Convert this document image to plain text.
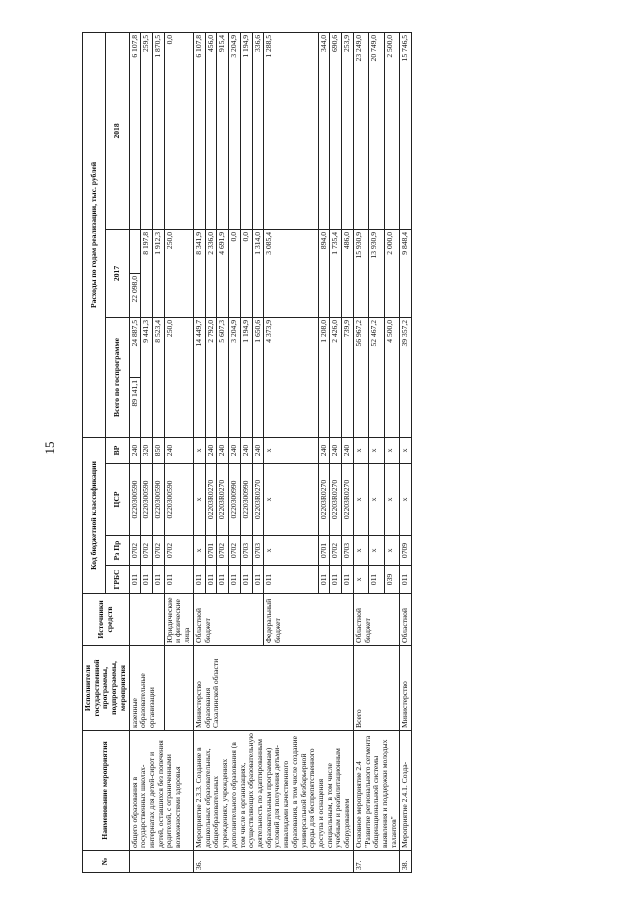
15
№	Наименование мероприятия	Исполнители государственной программы, подпрограммы, мероприятия	Источники средств	Код бюджетной классификации				Расходы по годам реализации, тыс. рублей				
				ГРБС	Рз Пр	ЦСР	ВР	Всего по госпрограмме		2017		2018
	общего образования в государственных школах-интернатах для детей-сирот и детей, оставшихся без попечения родителей, с ограниченными возможностями здоровья	казенные образовательные организации		011	0702	0220300590	240	89 141,1	24 887,5	22 098,0		6 107,8
				011	0702	0220300590	320	9 441,3		8 197,8		259,5
				011	0702	0220300590	850	8 523,4		1 912,3		1 870,5
			Юридические и физические лица	011	0702	0220300590	240	250,0		250,0		0,0
36.	Мероприятие 2.3.3. Создание в дошкольных образовательных, общеобразовательных учреждениях, учреждениях дополнительного образования (в том числе в организациях, осуществляющих образовательную деятельность по адаптированным образовательным программам) условий для получения детьми-инвалидами качественного образования, в том числе создание универсальной безбарьерной среды для беспрепятственного доступа и оснащения специальным, в том числе учебным и реабилитационным оборудованием	Министерство образования Сахалинской области	Областной бюджет	011	x	x	x	14 449,7		8 341,9		6 107,8
				011	0701	02203R0270	240	2 792,0		2 336,0		456,0
				011	0702	02203R0270	240	5 607,3		4 691,9		915,4
				011	0702	0220300990	240	3 204,9		0,0		3 204,9
				011	0703	0220300990	240	1 194,9		0,0		1 194,9
				011	0703	02203R0270	240	1 650,6		1 314,0		336,6
			Федеральный бюджет	011	x	x	x	4 373,9		3 085,4		1 288,5
				011	0701	02203R0270	240	1 208,0		894,0		344,0
				011	0702	02203R0270	240	2 426,0		1 735,4		690,6
				011	0703	02203R0270	240	739,9		486,0		253,9
37.	Основное мероприятие 2.4 "Развитие регионального сегмента общенациональной системы выявления и поддержки молодых талантов"	Всего	Областной бюджет	x	x	x	x	56 967,2		15 930,9		23 249,0
				011	x	x	x	52 467,2		13 930,9		20 749,0
				039	x	x	x	4 500,0		2 000,0		2 500,0
38.	Мероприятие 2.4.1. Созда-	Министерство	Областной	011	0709	x	x	39 357,2		9 848,4		15 746,5
